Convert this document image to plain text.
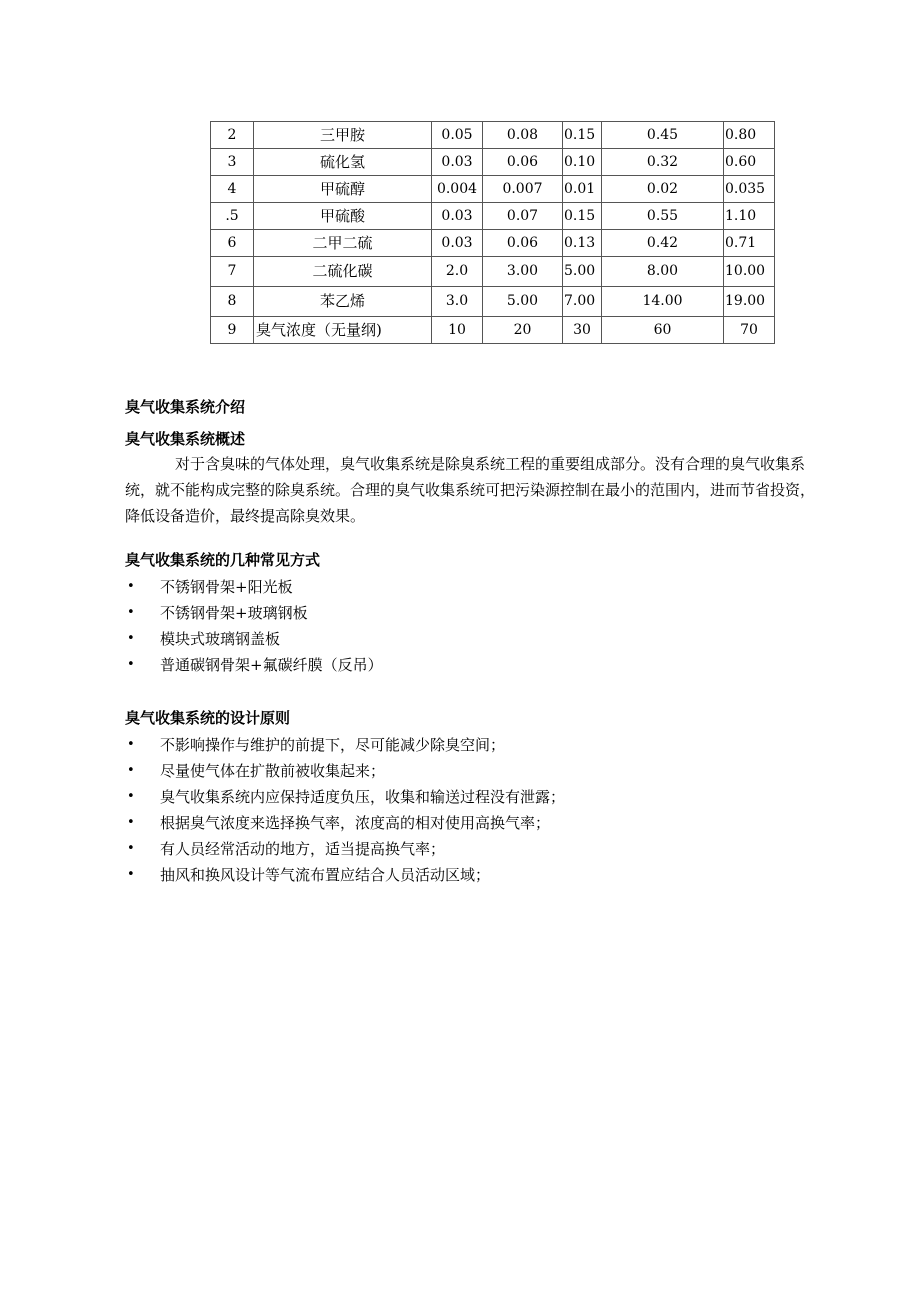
2	三甲胺	0.05	0.08	0.15	0.45	0.80
3	硫化氢	0.03	0.06	0.10	0.32	0.60
4	甲硫醇	0.004	0.007	0.01	0.02	0.035
.5	甲硫酸	0.03	0.07	0.15	0.55	1.10
6	二甲二硫	0.03	0.06	0.13	0.42	0.71
7	二硫化碳	2.0	3.00	5.00	8.00	10.00
8	苯乙烯	3.0	5.00	7.00	14.00	19.00
9	臭气浓度（无量纲)	10	20	30	60	70
臭气收集系统介绍
臭气收集系统概述
对于含臭味的气体处理，臭气收集系统是除臭系统工程的重要组成部分。没有合理的臭气收集系统，就不能构成完整的除臭系统。合理的臭气收集系统可把污染源控制在最小的范围内，进而节省投资，降低设备造价，最终提高除臭效果。
臭气收集系统的几种常见方式
• 不锈钢骨架+阳光板
• 不锈钢骨架+玻璃钢板
• 模块式玻璃钢盖板
• 普通碳钢骨架+氟碳纤膜（反吊）
臭气收集系统的设计原则
• 不影响操作与维护的前提下，尽可能减少除臭空间；
• 尽量使气体在扩散前被收集起来；
• 臭气收集系统内应保持适度负压，收集和输送过程没有泄露；
• 根据臭气浓度来选择换气率，浓度高的相对使用高换气率；
• 有人员经常活动的地方，适当提高换气率；
• 抽风和换风设计等气流布置应结合人员活动区域；
